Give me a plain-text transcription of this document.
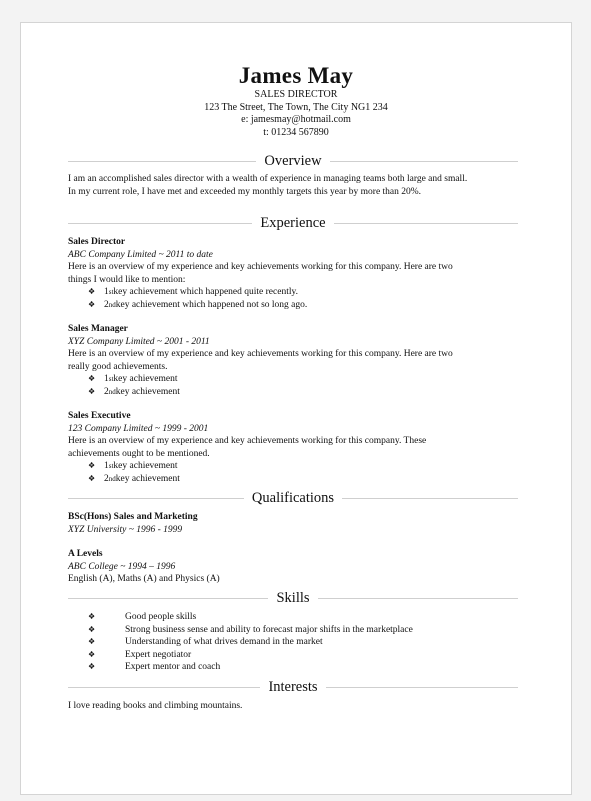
James May
SALES DIRECTOR
123 The Street, The Town, The City NG1 234
e: jamesmay@hotmail.com
t: 01234 567890
Overview
I am an accomplished sales director with a wealth of experience in managing teams both large and small.
In my current role, I have met and exceeded my monthly targets this year by more than 20%.
Experience
Sales Director
ABC Company Limited ~ 2011 to date
Here is an overview of my experience and key achievements working for this company. Here are two
things I would like to mention:
❖ 1 st key achievement which happened quite recently.
❖ 2 nd key achievement which happened not so long ago.
Sales Manager
XYZ Company Limited ~ 2001 - 2011
Here is an overview of my experience and key achievements working for this company. Here are two
really good achievements.
❖ 1 st key achievement
❖ 2 nd key achievement
Sales Executive
123 Company Limited ~ 1999 - 2001
Here is an overview of my experience and key achievements working for this company. These
achievements ought to be mentioned.
❖ 1 st key achievement
❖ 2 nd key achievement
Qualifications
BSc(Hons) Sales and Marketing
XYZ University ~ 1996 - 1999
A Levels
ABC College ~ 1994 – 1996
English (A), Maths (A) and Physics (A)
Skills
❖	Good people skills
❖	Strong business sense and ability to forecast major shifts in the marketplace
❖	Understanding of what drives demand in the market
❖	Expert negotiator
❖	Expert mentor and coach
Interests
I love reading books and climbing mountains.
